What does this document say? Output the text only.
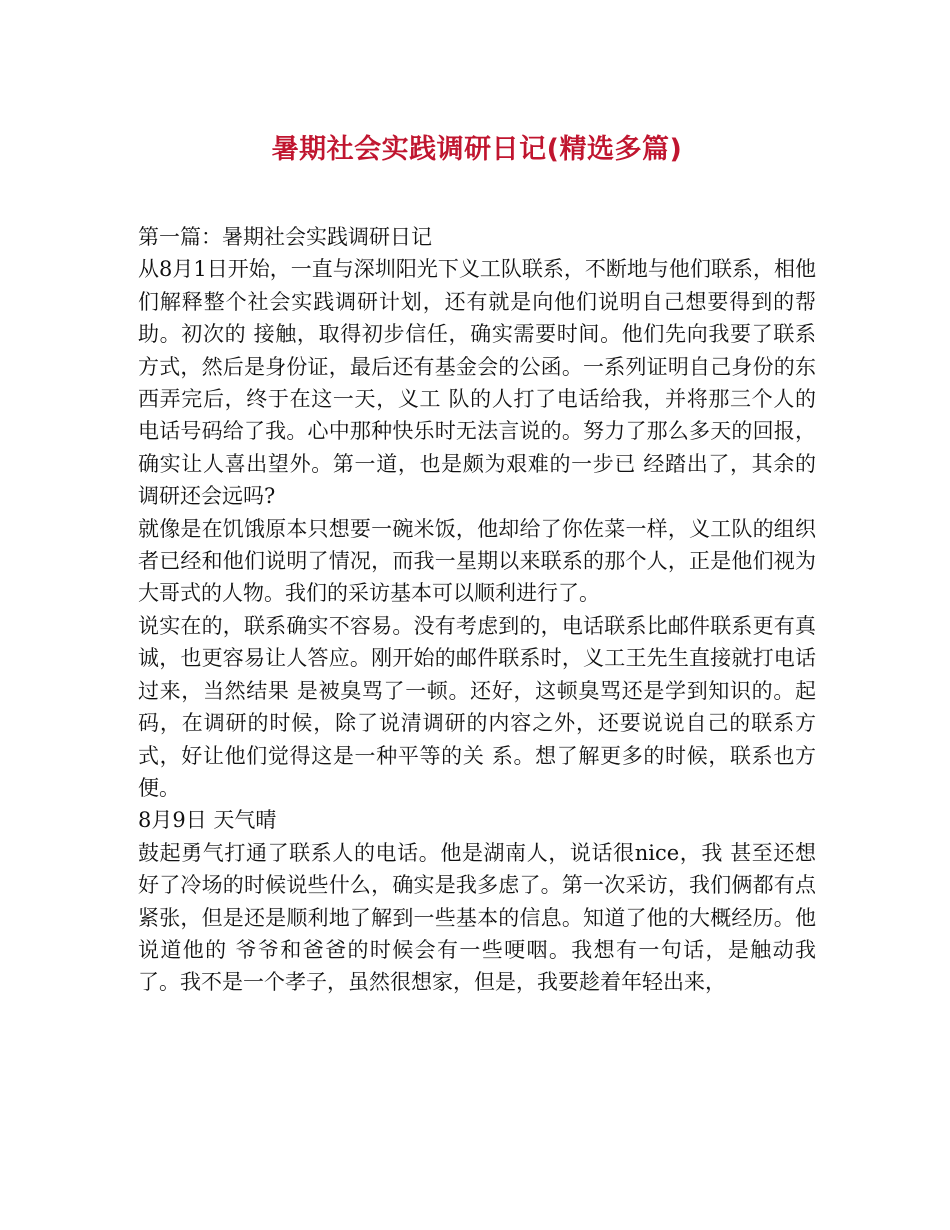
暑期社会实践调研日记(精选多篇)

第一篇：暑期社会实践调研日记

从8月1日开始，一直与深圳阳光下义工队联系，不断地与他们联系，相他们解释整个社会实践调研计划，还有就是向他们说明自己想要得到的帮助。初次的 接触，取得初步信任，确实需要时间。他们先向我要了联系方式，然后是身份证，最后还有基金会的公函。一系列证明自己身份的东西弄完后，终于在这一天，义工 队的人打了电话给我，并将那三个人的电话号码给了我。心中那种快乐时无法言说的。努力了那么多天的回报，确实让人喜出望外。第一道，也是颇为艰难的一步已 经踏出了，其余的调研还会远吗?

就像是在饥饿原本只想要一碗米饭，他却给了你佐菜一样，义工队的组织者已经和他们说明了情况，而我一星期以来联系的那个人，正是他们视为大哥式的人物。我们的采访基本可以顺利进行了。

说实在的，联系确实不容易。没有考虑到的，电话联系比邮件联系更有真诚，也更容易让人答应。刚开始的邮件联系时，义工王先生直接就打电话过来，当然结果 是被臭骂了一顿。还好，这顿臭骂还是学到知识的。起码，在调研的时候，除了说清调研的内容之外，还要说说自己的联系方式，好让他们觉得这是一种平等的关 系。想了解更多的时候，联系也方便。

8月9日 天气晴

鼓起勇气打通了联系人的电话。他是湖南人，说话很nice，我 甚至还想好了冷场的时候说些什么，确实是我多虑了。第一次采访，我们俩都有点紧张，但是还是顺利地了解到一些基本的信息。知道了他的大概经历。他说道他的 爷爷和爸爸的时候会有一些哽咽。我想有一句话，是触动我了。我不是一个孝子，虽然很想家，但是，我要趁着年轻出来，
